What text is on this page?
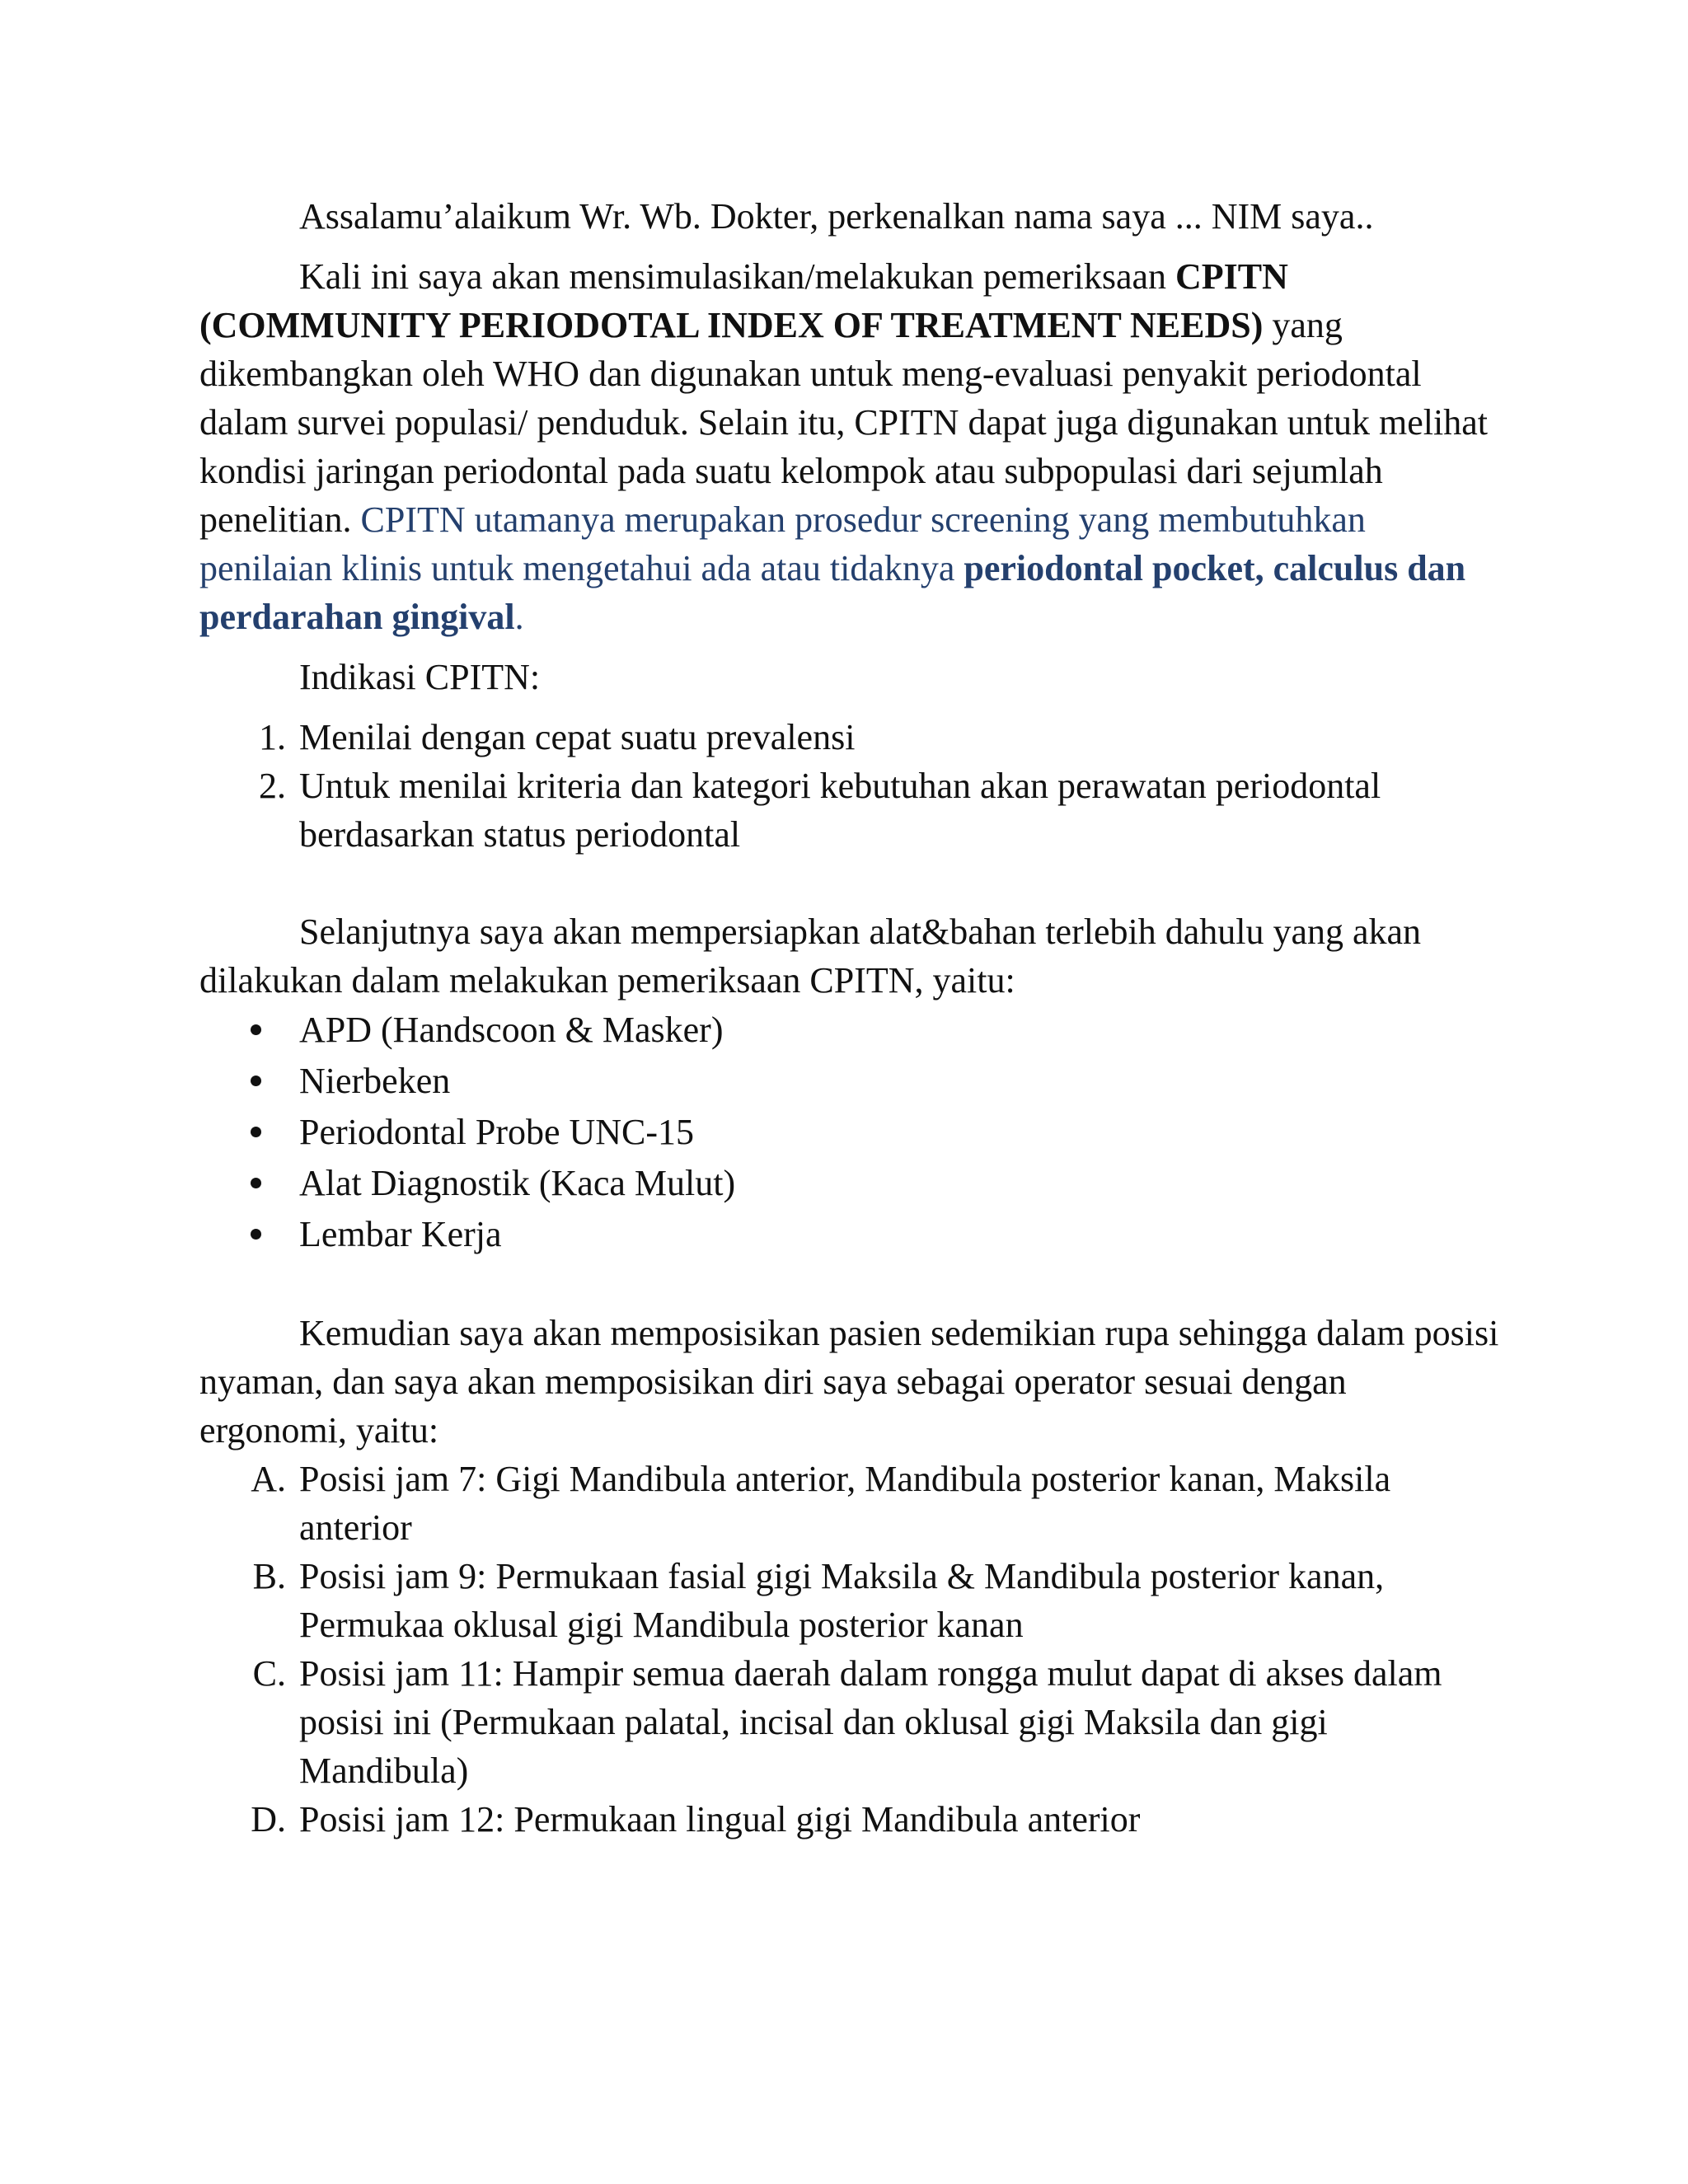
Assalamu’alaikum Wr. Wb. Dokter, perkenalkan nama saya ... NIM saya..

Kali ini saya akan mensimulasikan/melakukan pemeriksaan CPITN (COMMUNITY PERIODOTAL INDEX OF TREATMENT NEEDS) yang dikembangkan oleh WHO dan digunakan untuk meng-evaluasi penyakit periodontal dalam survei populasi/ penduduk. Selain itu, CPITN dapat juga digunakan untuk melihat kondisi jaringan periodontal pada suatu kelompok atau subpopulasi dari sejumlah penelitian. CPITN utamanya merupakan prosedur screening yang membutuhkan penilaian klinis untuk mengetahui ada atau tidaknya periodontal pocket, calculus dan perdarahan gingival.

Indikasi CPITN:

1. Menilai dengan cepat suatu prevalensi
2. Untuk menilai kriteria dan kategori kebutuhan akan perawatan periodontal berdasarkan status periodontal

Selanjutnya saya akan mempersiapkan alat&bahan terlebih dahulu yang akan dilakukan dalam melakukan pemeriksaan CPITN, yaitu:

APD (Handscoon & Masker)
Nierbeken
Periodontal Probe UNC-15
Alat Diagnostik (Kaca Mulut)
Lembar Kerja

Kemudian saya akan memposisikan pasien sedemikian rupa sehingga dalam posisi nyaman, dan saya akan memposisikan diri saya sebagai operator sesuai dengan ergonomi, yaitu:

A. Posisi jam 7: Gigi Mandibula anterior, Mandibula posterior kanan, Maksila anterior
B. Posisi jam 9: Permukaan fasial gigi Maksila & Mandibula posterior kanan, Permukaa oklusal gigi Mandibula posterior kanan
C. Posisi jam 11: Hampir semua daerah dalam rongga mulut dapat di akses dalam posisi ini (Permukaan palatal, incisal dan oklusal gigi Maksila dan gigi Mandibula)
D. Posisi jam 12: Permukaan lingual gigi Mandibula anterior
